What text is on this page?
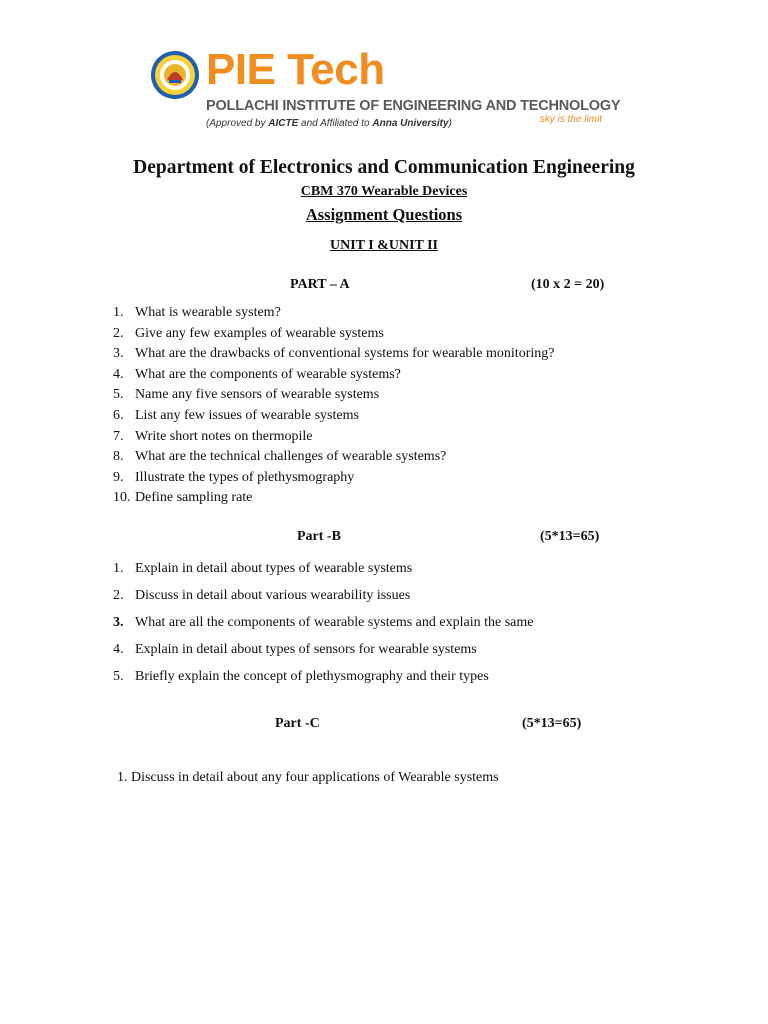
PIE Tech
POLLACHI INSTITUTE OF ENGINEERING AND TECHNOLOGY
(Approved by AICTE and Affiliated to Anna University)	sky is the limit
Department of Electronics and Communication Engineering
CBM 370 Wearable Devices
Assignment Questions
UNIT I &UNIT II
PART – A	(10 x 2 = 20)
1. What is wearable system?
2. Give any few examples of wearable systems
3. What are the drawbacks of conventional systems for wearable monitoring?
4. What are the components of wearable systems?
5. Name any five sensors of wearable systems
6. List any few issues of wearable systems
7. Write short notes on thermopile
8. What are the technical challenges of wearable systems?
9. Illustrate the types of plethysmography
10. Define sampling rate
Part -B	(5*13=65)
1. Explain in detail about types of wearable systems
2. Discuss in detail about various wearability issues
3. What are all the components of wearable systems and explain the same
4. Explain in detail about types of sensors for wearable systems
5. Briefly explain the concept of plethysmography and their types
Part -C	(5*13=65)
1. Discuss in detail about any four applications of Wearable systems
